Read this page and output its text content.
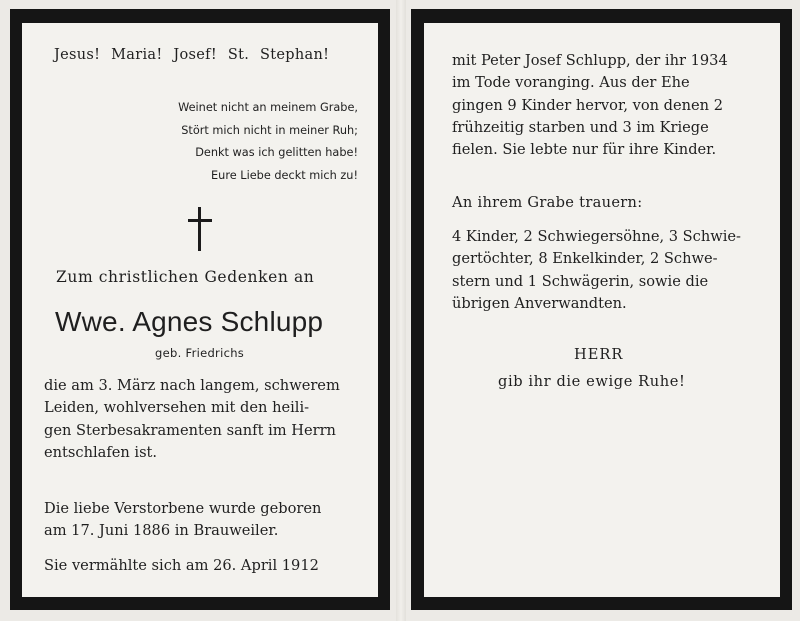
Jesus! Maria! Josef! St. Stephan!
Weinet nicht an meinem Grabe,
Stört mich nicht in meiner Ruh;
Denkt was ich gelitten habe!
Eure Liebe deckt mich zu!
Zum christlichen Gedenken an
Wwe. Agnes Schlupp
geb. Friedrichs
die am 3. März nach langem, schwerem
Leiden, wohlversehen mit den heili-
gen Sterbesakramenten sanft im Herrn
entschlafen ist.
Die liebe Verstorbene wurde geboren
am 17. Juni 1886 in Brauweiler.
Sie vermählte sich am 26. April 1912
mit Peter Josef Schlupp, der ihr 1934
im Tode voranging. Aus der Ehe
gingen 9 Kinder hervor, von denen 2
frühzeitig starben und 3 im Kriege
fielen. Sie lebte nur für ihre Kinder.
An ihrem Grabe trauern:
4 Kinder, 2 Schwiegersöhne, 3 Schwie-
gertöchter, 8 Enkelkinder, 2 Schwe-
stern und 1 Schwägerin, sowie die
übrigen Anverwandten.
HERR
gib ihr die ewige Ruhe!
